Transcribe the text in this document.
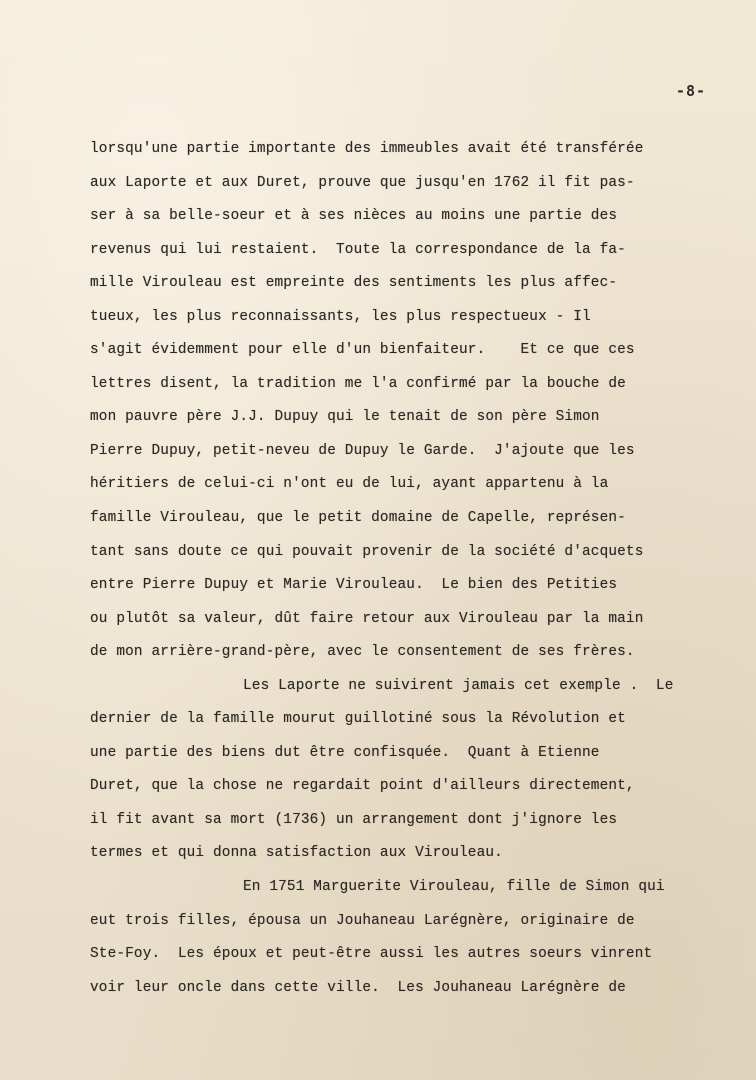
-8-
lorsqu'une partie importante des immeubles avait été transférée
aux Laporte et aux Duret, prouve que jusqu'en 1762 il fit pas-
ser à sa belle-soeur et à ses nièces au moins une partie des
revenus qui lui restaient.  Toute la correspondance de la fa-
mille Virouleau est empreinte des sentiments les plus affec-
tueux, les plus reconnaissants, les plus respectueux - Il
s'agit évidemment pour elle d'un bienfaiteur.    Et ce que ces
lettres disent, la tradition me l'a confirmé par la bouche de
mon pauvre père J.J. Dupuy qui le tenait de son père Simon
Pierre Dupuy, petit-neveu de Dupuy le Garde.  J'ajoute que les
héritiers de celui-ci n'ont eu de lui, ayant appartenu à la
famille Virouleau, que le petit domaine de Capelle, représen-
tant sans doute ce qui pouvait provenir de la société d'acquets
entre Pierre Dupuy et Marie Virouleau.  Le bien des Petities
ou plutôt sa valeur, dût faire retour aux Virouleau par la main
de mon arrière-grand-père, avec le consentement de ses frères.
Les Laporte ne suivirent jamais cet exemple .  Le
dernier de la famille mourut guillotiné sous la Révolution et
une partie des biens dut être confisquée.  Quant à Etienne
Duret, que la chose ne regardait point d'ailleurs directement,
il fit avant sa mort (1736) un arrangement dont j'ignore les
termes et qui donna satisfaction aux Virouleau.
En 1751 Marguerite Virouleau, fille de Simon qui
eut trois filles, épousa un Jouhaneau Larégnère, originaire de
Ste-Foy.  Les époux et peut-être aussi les autres soeurs vinrent
voir leur oncle dans cette ville.  Les Jouhaneau Larégnère de
